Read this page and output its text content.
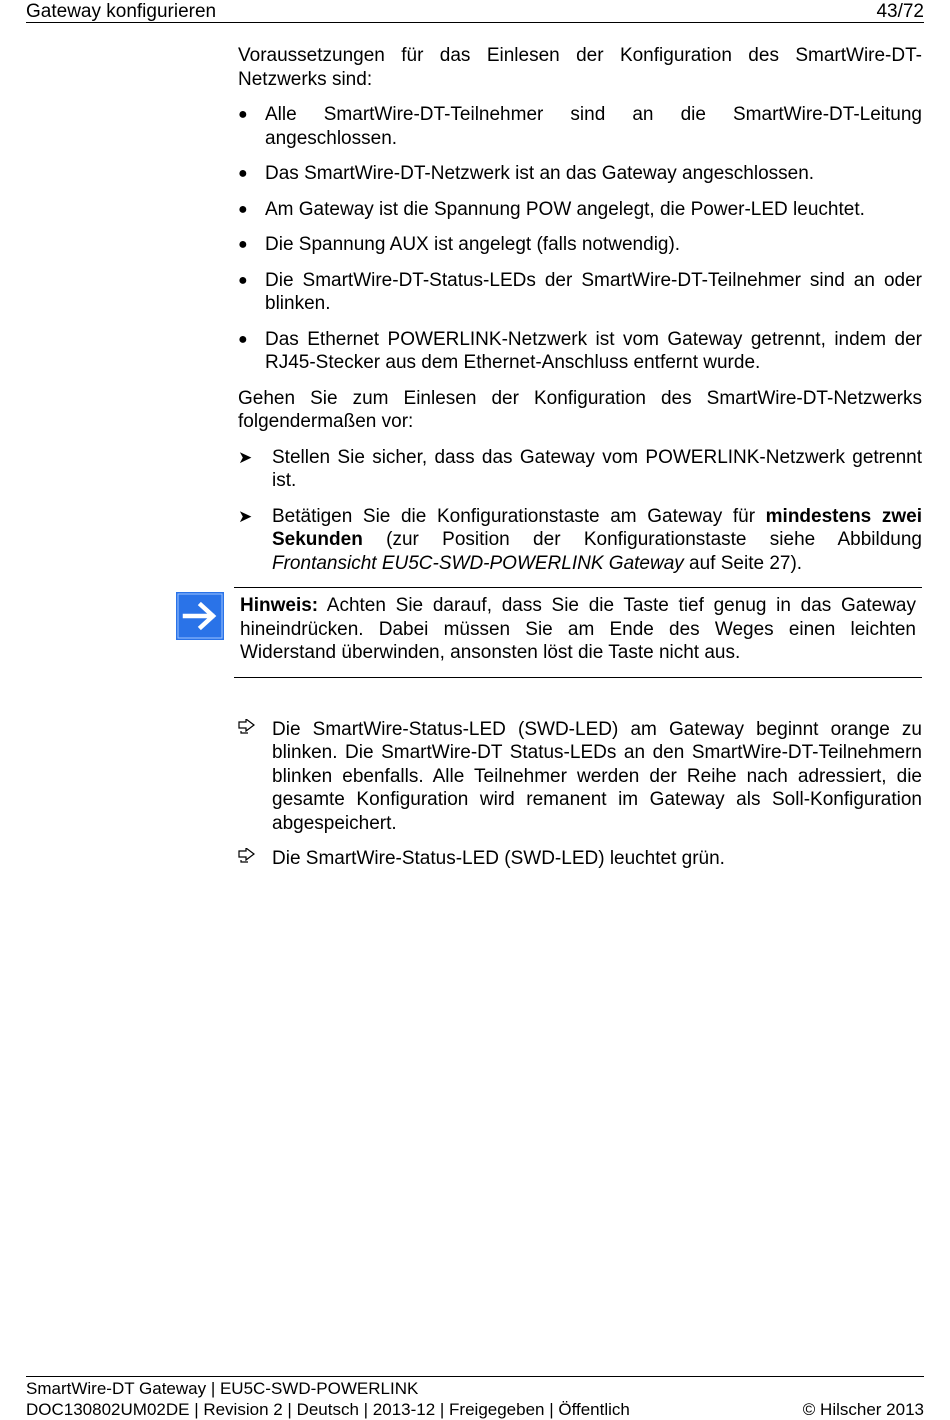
Gateway konfigurieren	43/72

Voraussetzungen für das Einlesen der Konfiguration des SmartWire-DT-Netzwerks sind:

● Alle SmartWire-DT-Teilnehmer sind an die SmartWire-DT-Leitung angeschlossen.
● Das SmartWire-DT-Netzwerk ist an das Gateway angeschlossen.
● Am Gateway ist die Spannung POW angelegt, die Power-LED leuchtet.
● Die Spannung AUX ist angelegt (falls notwendig).
● Die SmartWire-DT-Status-LEDs der SmartWire-DT-Teilnehmer sind an oder blinken.
● Das Ethernet POWERLINK-Netzwerk ist vom Gateway getrennt, indem der RJ45-Stecker aus dem Ethernet-Anschluss entfernt wurde.

Gehen Sie zum Einlesen der Konfiguration des SmartWire-DT-Netzwerks folgendermaßen vor:

➤	Stellen Sie sicher, dass das Gateway vom POWERLINK-Netzwerk getrennt ist.
➤	Betätigen Sie die Konfigurationstaste am Gateway für mindestens zwei Sekunden (zur Position der Konfigurationstaste siehe Abbildung Frontansicht EU5C-SWD-POWERLINK Gateway auf Seite 27).

Hinweis: Achten Sie darauf, dass Sie die Taste tief genug in das Gateway hineindrücken. Dabei müssen Sie am Ende des Weges einen leichten Widerstand überwinden, ansonsten löst die Taste nicht aus.

Die SmartWire-Status-LED (SWD-LED) am Gateway beginnt orange zu blinken. Die SmartWire-DT Status-LEDs an den SmartWire-DT-Teilnehmern blinken ebenfalls. Alle Teilnehmer werden der Reihe nach adressiert, die gesamte Konfiguration wird remanent im Gateway als Soll-Konfiguration abgespeichert.
Die SmartWire-Status-LED (SWD-LED) leuchtet grün.
SmartWire-DT Gateway | EU5C-SWD-POWERLINK
DOC130802UM02DE | Revision 2 | Deutsch | 2013-12 | Freigegeben | Öffentlich	© Hilscher 2013
